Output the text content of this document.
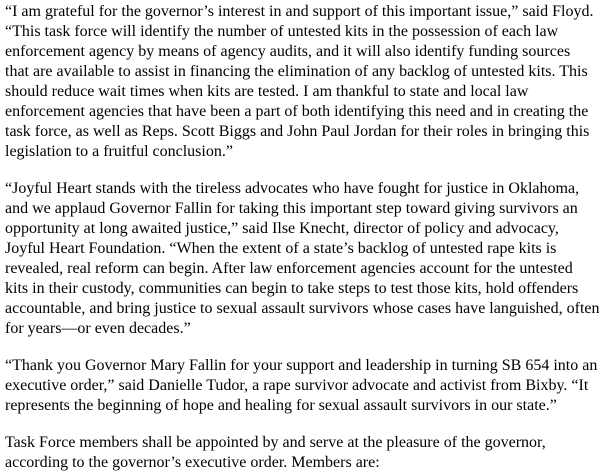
“I am grateful for the governor’s interest in and support of this important issue,” said Floyd.
“This task force will identify the number of untested kits in the possession of each law
enforcement agency by means of agency audits, and it will also identify funding sources
that are available to assist in financing the elimination of any backlog of untested kits. This
should reduce wait times when kits are tested. I am thankful to state and local law
enforcement agencies that have been a part of both identifying this need and in creating the
task force, as well as Reps. Scott Biggs and John Paul Jordan for their roles in bringing this
legislation to a fruitful conclusion.”

“Joyful Heart stands with the tireless advocates who have fought for justice in Oklahoma,
and we applaud Governor Fallin for taking this important step toward giving survivors an
opportunity at long awaited justice,” said Ilse Knecht, director of policy and advocacy,
Joyful Heart Foundation. “When the extent of a state’s backlog of untested rape kits is
revealed, real reform can begin. After law enforcement agencies account for the untested
kits in their custody, communities can begin to take steps to test those kits, hold offenders
accountable, and bring justice to sexual assault survivors whose cases have languished, often
for years—or even decades.”

“Thank you Governor Mary Fallin for your support and leadership in turning SB 654 into an
executive order,” said Danielle Tudor, a rape survivor advocate and activist from Bixby. “It
represents the beginning of hope and healing for sexual assault survivors in our state.”

Task Force members shall be appointed by and serve at the pleasure of the governor,
according to the governor’s executive order. Members are:
